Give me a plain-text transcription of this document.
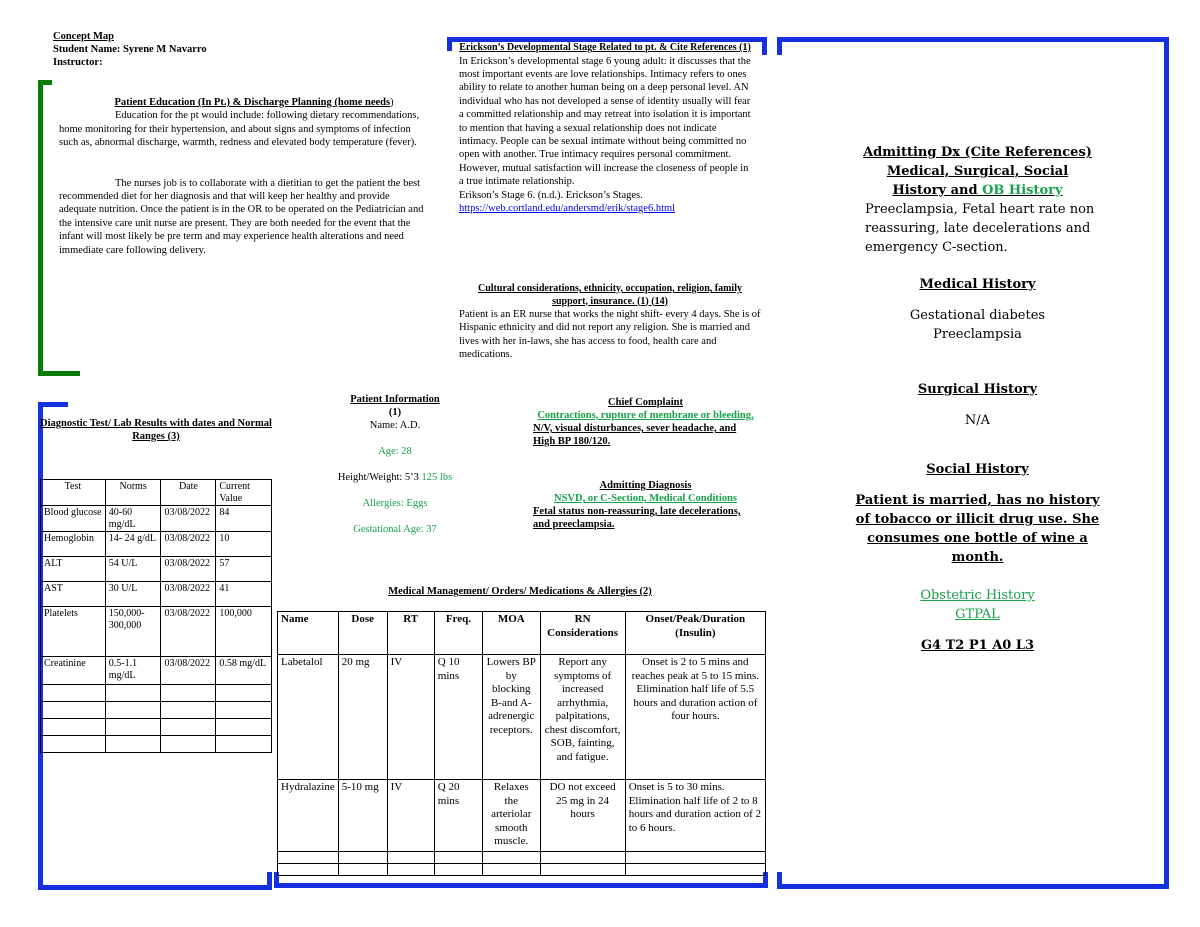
Concept Map
Student Name: Syrene M Navarro
Instructor:
Patient Education (In Pt.) & Discharge Planning (home needs)

Education for the pt would include: following dietary recommendations, home monitoring for their hypertension, and about signs and symptoms of infection such as, abnormal discharge, warmth, redness and elevated body temperature (fever).

The nurses job is to collaborate with a dietitian to get the patient the best recommended diet for her diagnosis and that will keep her healthy and provide adequate nutrition. Once the patient is in the OR to be operated on the Pediatrician and the intensive care unit nurse are present. They are both needed for the event that the infant will most likely be pre term and may experience health alterations and need immediate care following delivery.

Erickson’s Developmental Stage Related to pt. & Cite References (1)

In Erickson’s developmental stage 6 young adult: it discusses that the most important events are love relationships. Intimacy refers to ones ability to relate to another human being on a deep personal level. AN individual who has not developed a sense of identity usually will fear a committed relationship and may retreat into isolation it is important to mention that having a sexual relationship does not indicate intimacy. People can be sexual intimate without being committed no open with another. True intimacy requires personal commitment. However, mutual satisfaction will increase the closeness of people in a true intimate relationship.

Erikson’s Stage 6. (n.d.). Erickson’s Stages.

https://web.cortland.edu/andersmd/erik/stage6.html
Cultural considerations, ethnicity, occupation, religion, family support, insurance. (1) (14)

Patient is an ER nurse that works the night shift- every 4 days. She is of Hispanic ethnicity and did not report any religion. She is married and lives with her in-laws, she has access to food, health care and medications.

Diagnostic Test/ Lab Results with dates and Normal Ranges (3)
Test	Norms	Date	Current Value
Blood glucose	40-60 mg/dL	03/08/2022	84
Hemoglobin	14- 24 g/dL	03/08/2022	10
ALT	54 U/L	03/08/2022	57
AST	30 U/L	03/08/2022	41
Platelets	150,000-300,000	03/08/2022	100,000
Creatinine	0.5-1.1 mg/dL	03/08/2022	0.58 mg/dL

Patient Information
(1)
Name: A.D.
Age: 28
Height/Weight: 5’3 125 lbs
Allergies: Eggs
Gestational Age: 37
Chief Complaint
Contractions, rupture of membrane or bleeding,
N/V, visual disturbances, sever headache, and High BP 180/120.
Admitting Diagnosis
NSVD, or C-Section, Medical Conditions
Fetal status non-reassuring, late decelerations, and preeclampsia.
Medical Management/ Orders/ Medications & Allergies (2)
Name	Dose	RT	Freq.	MOA	RN Considerations	Onset/Peak/Duration (Insulin)
Labetalol	20 mg	IV	Q 10 mins	Lowers BP by blocking B-and A-adrenergic receptors.	Report any symptoms of increased arrhythmia, palpitations, chest discomfort, SOB, fainting, and fatigue.	Onset is 2 to 5 mins and reaches peak at 5 to 15 mins. Elimination half life of 5.5 hours and duration action of four hours.
Hydralazine	5-10 mg	IV	Q 20 mins	Relaxes the arteriolar smooth muscle.	DO not exceed 25 mg in 24 hours	Onset is 5 to 30 mins. Elimination half life of 2 to 8 hours and duration action of 2 to 6 hours.

Admitting Dx (Cite References)
Medical, Surgical, Social
History and OB History
Preeclampsia, Fetal heart rate non reassuring, late decelerations and emergency C-section.
Medical History
Gestational diabetes
Preeclampsia
Surgical History
N/A
Social History
Patient is married, has no history of tobacco or illicit drug use. She consumes one bottle of wine a month.
Obstetric History
GTPAL
G4 T2 P1 A0 L3
